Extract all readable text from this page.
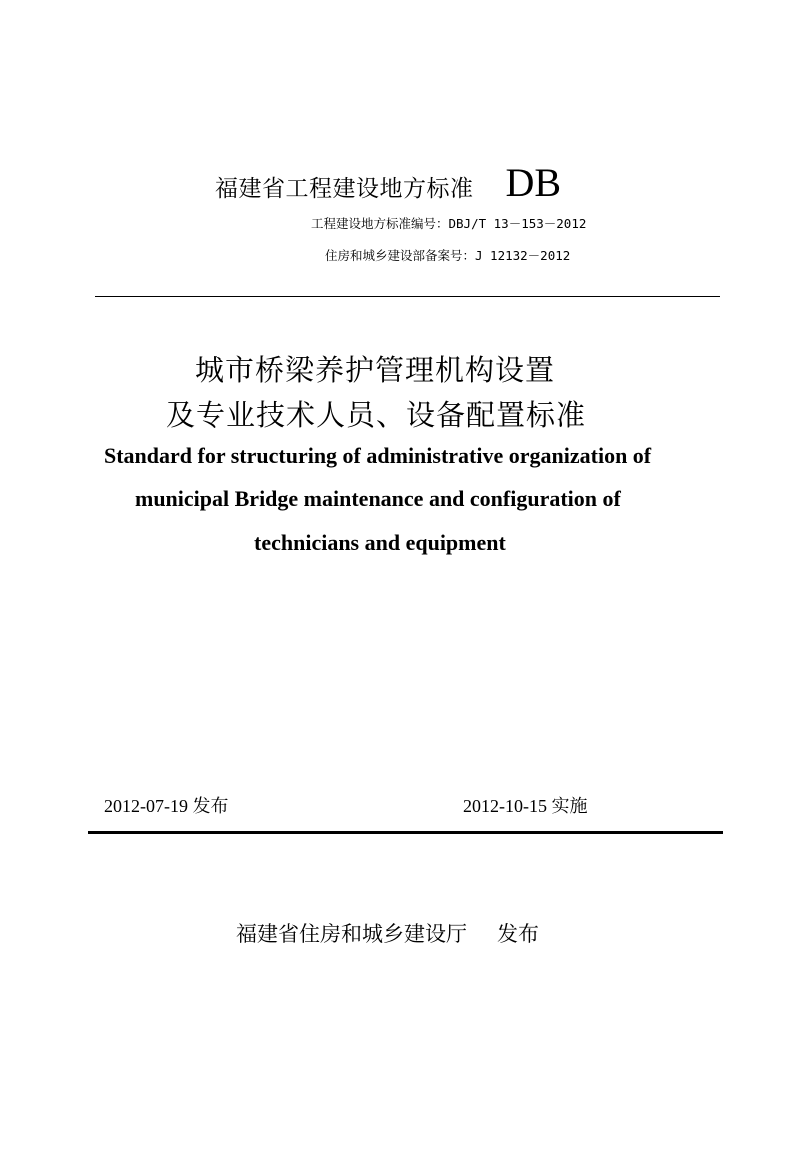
福建省工程建设地方标准 DB
工程建设地方标准编号：DBJ/T 13－153－2012
住房和城乡建设部备案号：J 12132－2012
城市桥梁养护管理机构设置
及专业技术人员、设备配置标准
Standard for structuring of administrative organization of
municipal Bridge maintenance and configuration of
technicians and equipment
2012-07-19 发布	2012-10-15 实施
福建省住房和城乡建设厅 发布
